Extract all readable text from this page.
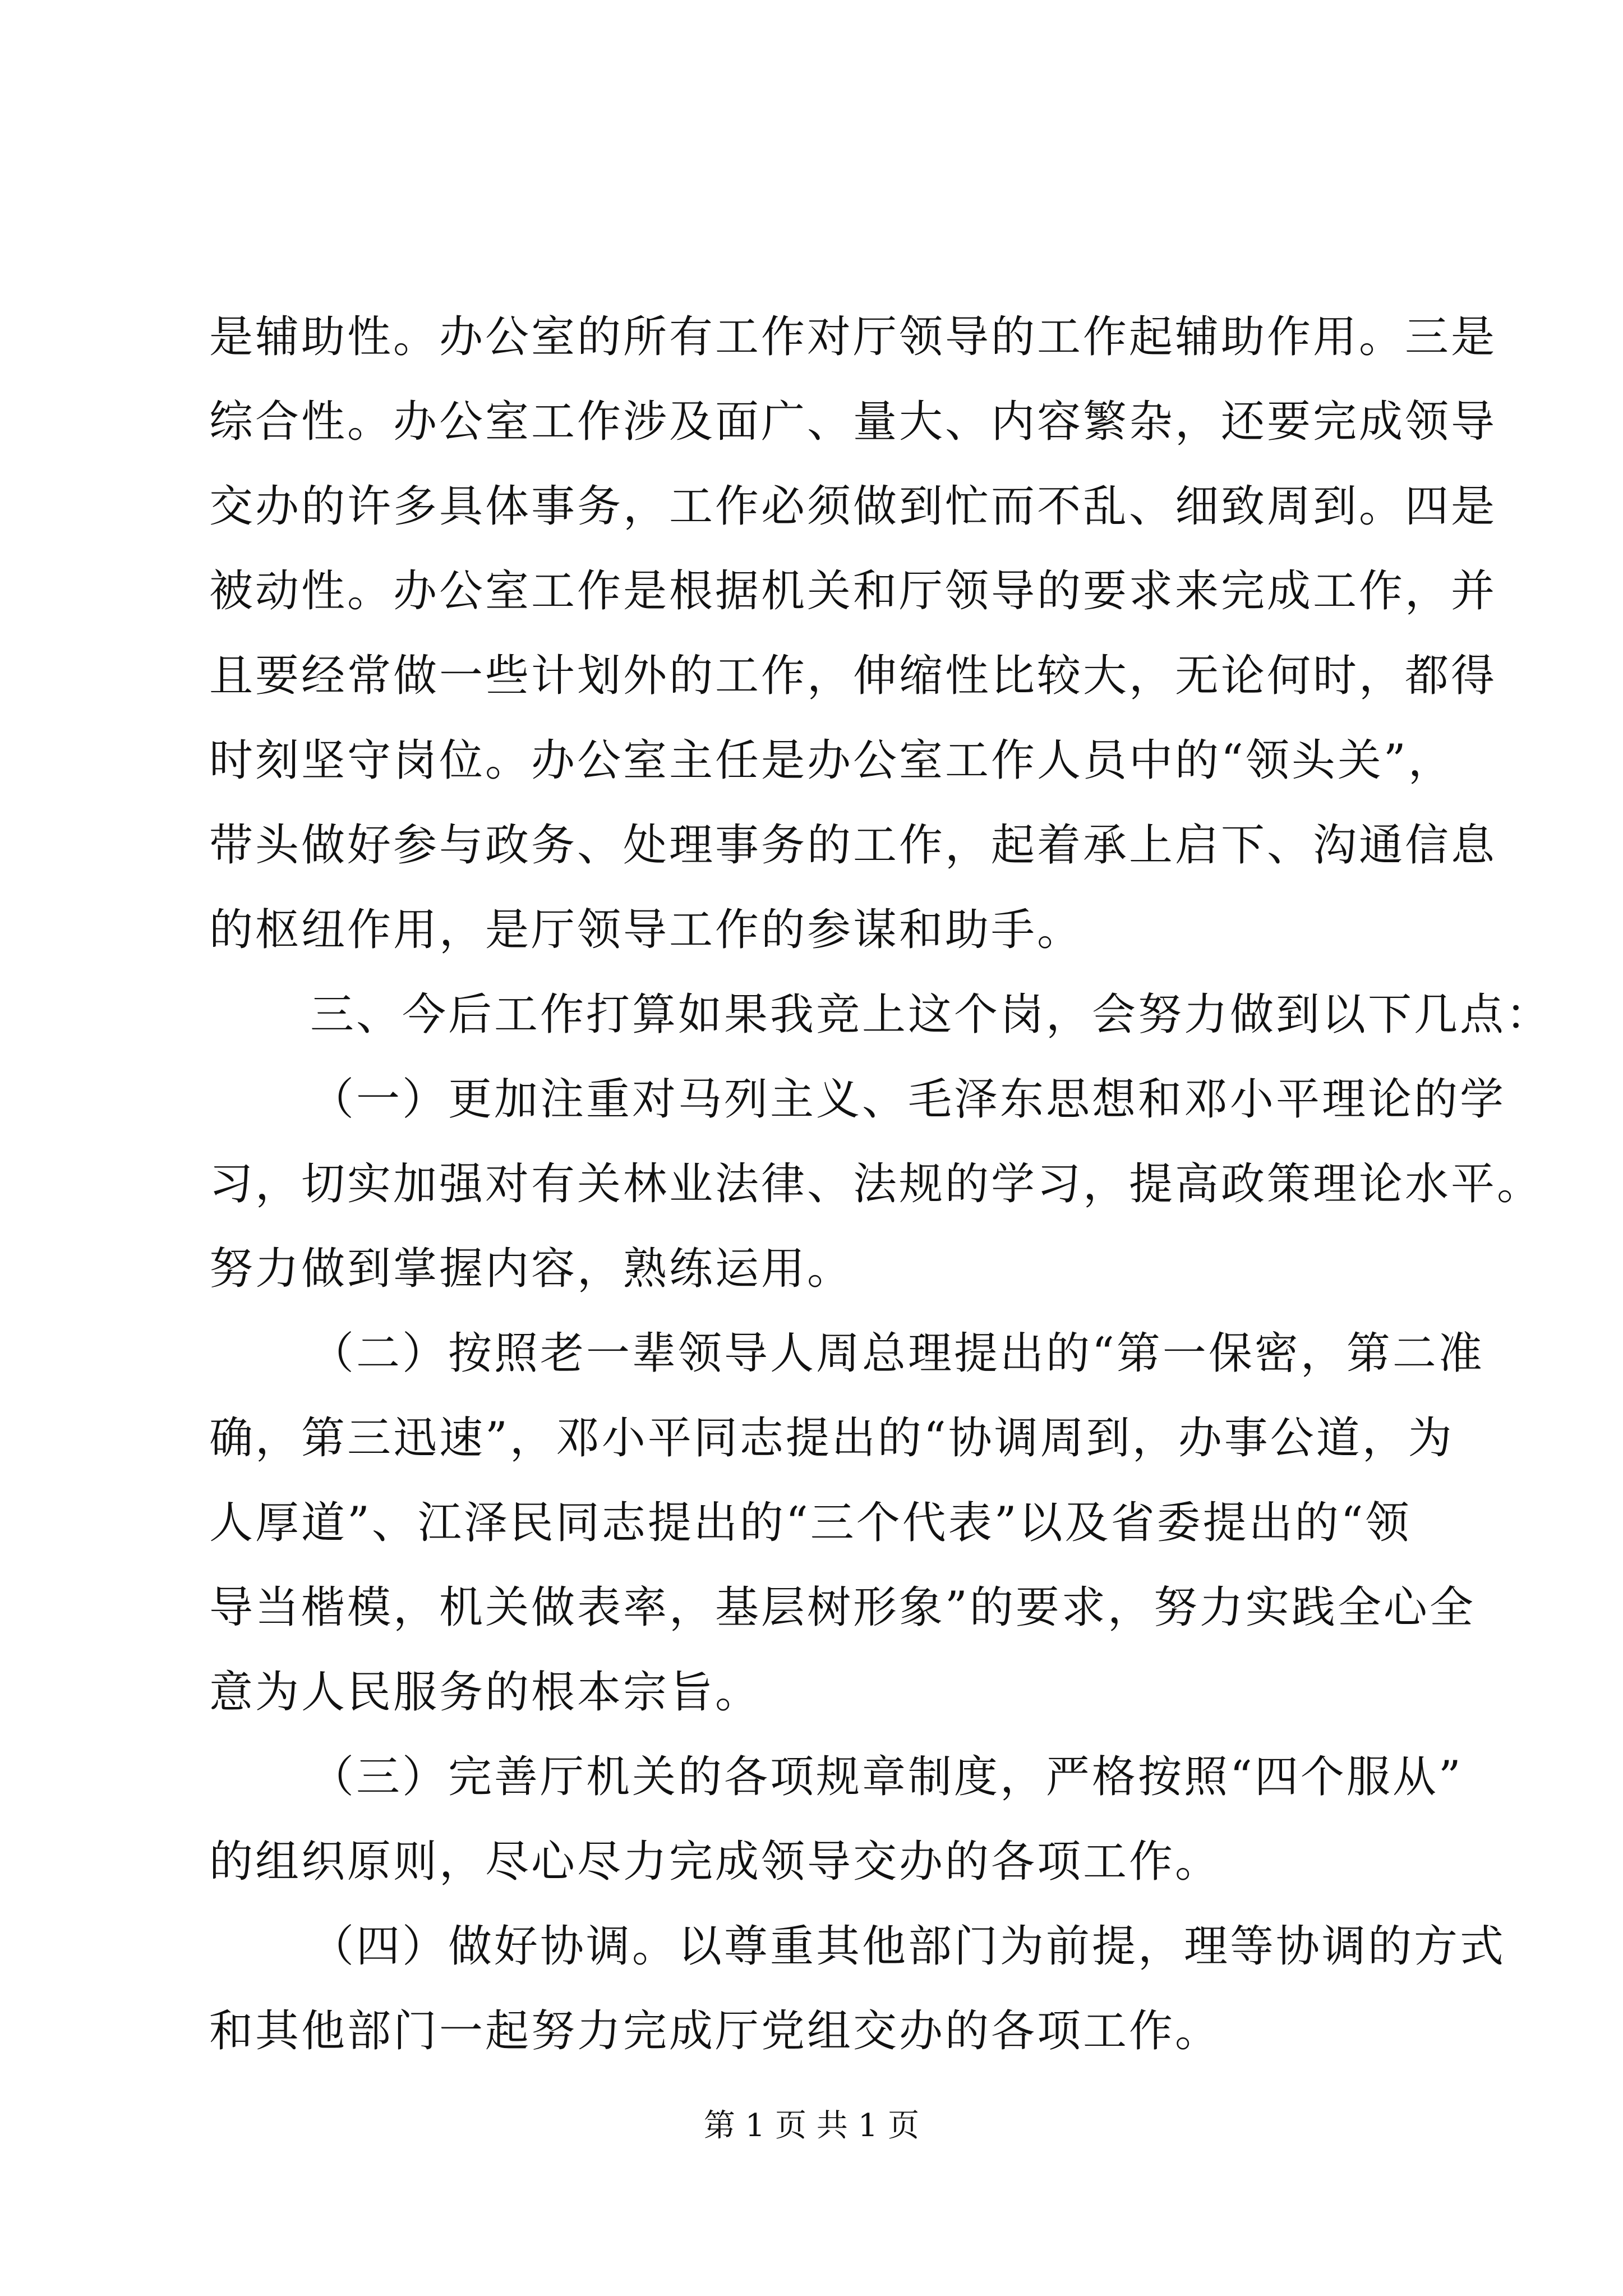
是辅助性。办公室的所有工作对厅领导的工作起辅助作用。三是
综合性。办公室工作涉及面广、量大、内容繁杂，还要完成领导
交办的许多具体事务，工作必须做到忙而不乱、细致周到。四是
被动性。办公室工作是根据机关和厅领导的要求来完成工作，并
且要经常做一些计划外的工作，伸缩性比较大，无论何时，都得
时刻坚守岗位。办公室主任是办公室工作人员中的“领头关”，
带头做好参与政务、处理事务的工作，起着承上启下、沟通信息
的枢纽作用，是厅领导工作的参谋和助手。
三、今后工作打算如果我竞上这个岗，会努力做到以下几点：
（一）更加注重对马列主义、毛泽东思想和邓小平理论的学
习，切实加强对有关林业法律、法规的学习，提高政策理论水平。
努力做到掌握内容，熟练运用。
（二）按照老一辈领导人周总理提出的“第一保密，第二准
确，第三迅速”，邓小平同志提出的“协调周到，办事公道，为
人厚道”、江泽民同志提出的“三个代表”以及省委提出的“领
导当楷模，机关做表率，基层树形象”的要求，努力实践全心全
意为人民服务的根本宗旨。
（三）完善厅机关的各项规章制度，严格按照“四个服从”
的组织原则，尽心尽力完成领导交办的各项工作。
（四）做好协调。以尊重其他部门为前提，理等协调的方式
和其他部门一起努力完成厅党组交办的各项工作。
第 1 页 共 1 页
